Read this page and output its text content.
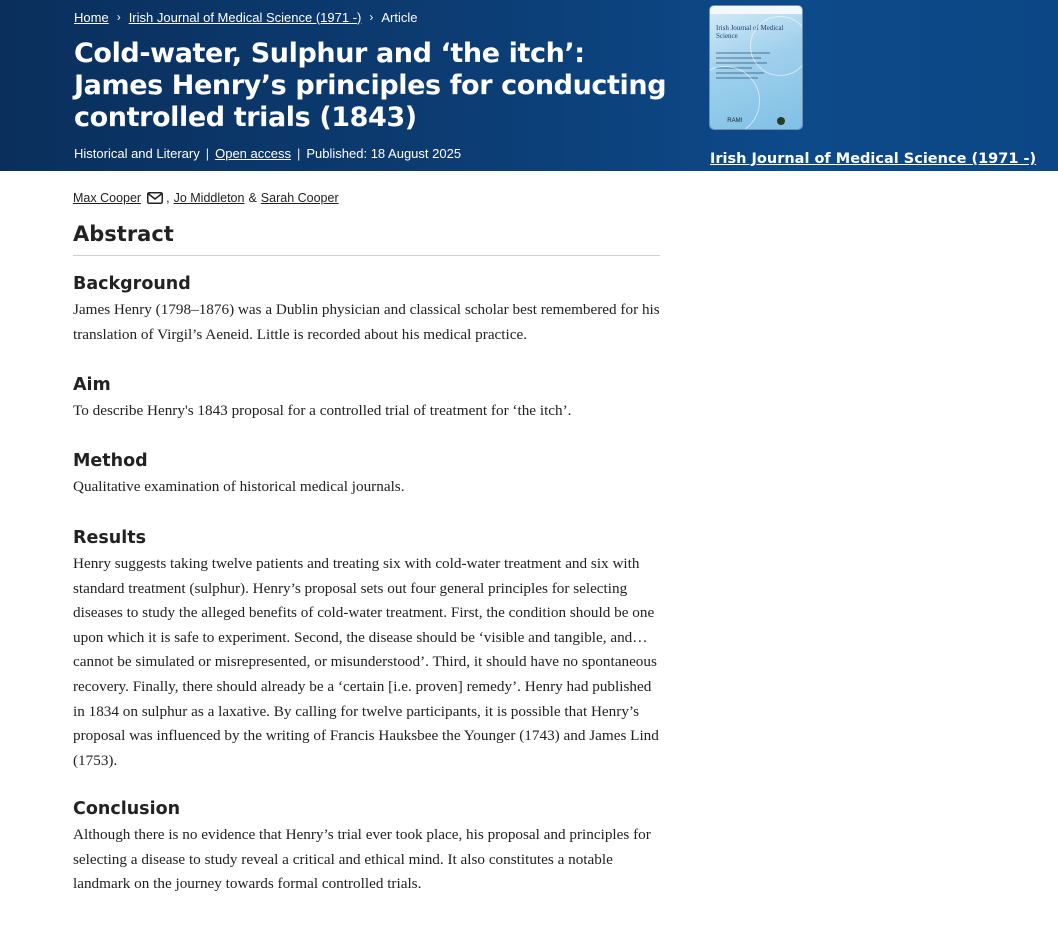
Home › Irish Journal of Medical Science (1971 -) › Article
Cold-water, Sulphur and ‘the itch’: James Henry’s principles for conducting controlled trials (1843)
Historical and Literary | Open access | Published: 18 August 2025
Irish Journal of Medical Science
RAMI
Irish Journal of Medical Science (1971 -)
Max Cooper , Jo Middleton & Sarah Cooper
Abstract
Background

James Henry (1798–1876) was a Dublin physician and classical scholar best remembered for his translation of Virgil’s Aeneid. Little is recorded about his medical practice.

Aim

To describe Henry's 1843 proposal for a controlled trial of treatment for ‘the itch’.

Method

Qualitative examination of historical medical journals.

Results

Henry suggests taking twelve patients and treating six with cold-water treatment and six with standard treatment (sulphur). Henry’s proposal sets out four general principles for selecting diseases to study the alleged benefits of cold-water treatment. First, the condition should be one upon which it is safe to experiment. Second, the disease should be ‘visible and tangible, and… cannot be simulated or misrepresented, or misunderstood’. Third, it should have no spontaneous recovery. Finally, there should already be a ‘certain [i.e. proven] remedy’. Henry had published in 1834 on sulphur as a laxative. By calling for twelve participants, it is possible that Henry’s proposal was influenced by the writing of Francis Hauksbee the Younger (1743) and James Lind (1753).

Conclusion

Although there is no evidence that Henry’s trial ever took place, his proposal and principles for selecting a disease to study reveal a critical and ethical mind. It also constitutes a notable landmark on the journey towards formal controlled trials.
